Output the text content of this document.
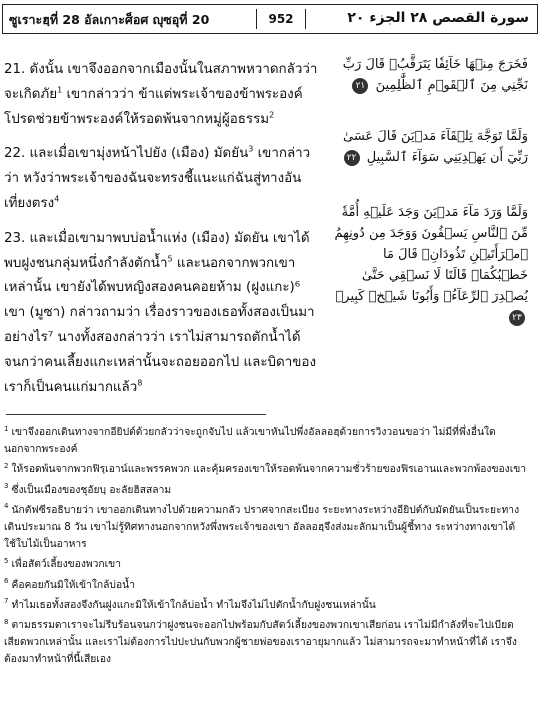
ซูเราะฮฺที่ 28 อัลเกาะศ็อศ ญุซอุที่ 20	952	سورة القصص ٢٨ الجزء ٢٠

21. ดังนั้น เขาจึงออกจากเมืองนั้นในสภาพหวาดกลัวว่าจะเกิดภัย$^1$ เขากล่าวว่า ข้าแต่พระเจ้าของข้าพระองค์ โปรดช่วยข้าพระองค์ให้รอดพ้นจากหมู่ผู้อธรรม$^2$

22. และเมื่อเขามุ่งหน้าไปยัง (เมือง) มัดยัน$^3$ เขากล่าวว่า หวังว่าพระเจ้าของฉันจะทรงชี้แนะแก่ฉันสู่ทางอันเที่ยงตรง$^4$

23. และเมื่อเขามาพบบ่อน้ำแห่ง (เมือง) มัดยัน เขาได้พบฝูงชนกลุ่มหนึ่งกำลังตักน้ำ$^5$ และนอกจากพวกเขาเหล่านั้น เขายังได้พบหญิงสองคนคอยห้าม (ฝูงแกะ)⁶ เขา (มูซา) กล่าวถามว่า เรื่องราวของเธอทั้งสองเป็นมาอย่างไร⁷ นางทั้งสองกล่าวว่า เราไม่สามารถตักน้ำได้ จนกว่าคนเลี้ยงแกะเหล่านั้นจะถอยออกไป และบิดาของเราก็เป็นคนแก่มากแล้ว$^8$

فَخَرَجَ مِنۡهَا خَآئِفٗا يَتَرَقَّبُۖ قَالَ رَبِّ نَجِّنِي مِنَ ٱلۡقَوۡمِ ٱلظَّٰلِمِينَ ٢١
وَلَمَّا تَوَجَّهَ تِلۡقَآءَ مَدۡيَنَ قَالَ عَسَىٰ رَبِّيٓ أَن يَهۡدِيَنِي سَوَآءَ ٱلسَّبِيلِ ٢٢
وَلَمَّا وَرَدَ مَآءَ مَدۡيَنَ وَجَدَ عَلَيۡهِ أُمَّةٗ مِّنَ ٱلنَّاسِ يَسۡقُونَ وَوَجَدَ مِن دُونِهِمُ ٱمۡرَأَتَيۡنِ تَذُودَانِۖ قَالَ مَا خَطۡبُكُمَاۖ قَالَتَا لَا نَسۡقِي حَتَّىٰ يُصۡدِرَ ٱلرِّعَآءُۖ وَأَبُونَا شَيۡخٞ كَبِيرٞ ٢٣

$^1$ เขาจึงออกเดินทางจากอียิปต์ด้วยกลัวว่าจะถูกจับไป แล้วเขาหันไปพึ่งอัลลอฮฺด้วยการวิงวอนขอว่า ไม่มีที่พึ่งอื่นใด นอกจากพระองค์

$^2$ ให้รอดพ้นจากพวกฟิรฺเอาน์และพรรคพวก และคุ้มครองเขาให้รอดพ้นจากความชั่วร้ายของฟิรเอานและพวกพ้องของเขา

$^3$ ซึ่งเป็นเมืองของชุอัยบฺ อะลัยฮิสสลาม

$^4$ นักตัฟซีรอธิบายว่า เขาออกเดินทางไปด้วยความกลัว ปราศจากสะเบียง ระยะทางระหว่างอียิปต์กับมัดยันเป็นระยะทางเดินประมาณ 8 วัน เขาไม่รู้ทิศทางนอกจากหวังพึ่งพระเจ้าของเขา อัลลอฮฺจึงส่งมะลักมาเป็นผู้ชี้ทาง ระหว่างทางเขาได้ใช้ใบไม้เป็นอาหาร

$^5$ เพื่อสัตว์เลี้ยงของพวกเขา

$^6$ คือคอยกันมิให้เข้าใกล้บ่อน้ำ

$^7$ ทำไมเธอทั้งสองจึงกันฝูงแกะมิให้เข้าใกล้บ่อน้ำ ทำไมจึงไม่ไปตักน้ำกับฝูงชนเหล่านั้น

$^8$ ตามธรรมดาเราจะไม่รีบร้อนจนกว่าฝูงชนจะออกไปพร้อมกับสัตว์เลี้ยงของพวกเขาเสียก่อน เราไม่มีกำลังที่จะไปเบียดเสียดพวกเหล่านั้น และเราไม่ต้องการไปปะปนกับพวกผู้ชายพ่อของเราอายุมากแล้ว ไม่สามารถจะมาทำหน้าที่ได้ เราจึงต้องมาทำหน้าที่นี้เสียเอง
